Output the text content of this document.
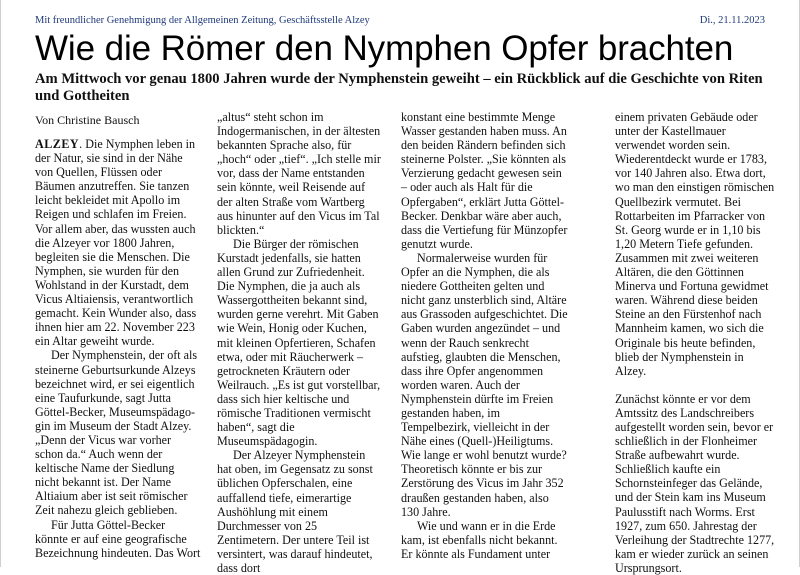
Mit freundlicher Genehmigung der Allgemeinen Zeitung, Geschäftsstelle Alzey	Di., 21.11.2023
Wie die Römer den Nymphen Opfer brachten

Am Mittwoch vor genau 1800 Jahren wurde der Nymphenstein geweiht – ein Rückblick auf die Geschichte von Riten und Gottheiten

Von Christine Bausch

ALZEY. Die Nymphen leben in der Natur, sie sind in der Nähe von Quellen, Flüssen oder Bäumen anzutreffen. Sie tanzen leicht bekleidet mit Apollo im Reigen und schlafen im Freien. Vor allem aber, das wussten auch die Alzeyer vor 1800 Jahren, begleiten sie die Menschen. Die Nymphen, sie wurden für den Wohlstand in der Kurstadt, dem Vicus Altiaiensis, verantwortlich gemacht. Kein Wunder also, dass ihnen hier am 22. November 223 ein Altar geweiht wurde.

Der Nymphenstein, der oft als steinerne Geburtsurkunde Alzeys bezeichnet wird, er sei eigentlich eine Taufurkunde, sagt Jutta Göttel-Becker, Museumspädago-gin im Museum der Stadt Alzey. „Denn der Vicus war vorher schon da.“ Auch wenn der keltische Name der Siedlung nicht bekannt ist. Der Name Altiaium aber ist seit römischer Zeit nahezu gleich geblieben.

Für Jutta Göttel-Becker könnte er auf eine geografische Bezeichnung hindeuten. Das Wort

„altus“ steht schon im Indogermanischen, in der ältesten bekannten Sprache also, für „hoch“ oder „tief“. „Ich stelle mir vor, dass der Name entstanden sein könnte, weil Reisende auf der alten Straße vom Wartberg aus hinunter auf den Vicus im Tal blickten.“

Die Bürger der römischen Kurstadt jedenfalls, sie hatten allen Grund zur Zufriedenheit. Die Nymphen, die ja auch als Wassergottheiten bekannt sind, wurden gerne verehrt. Mit Gaben wie Wein, Honig oder Kuchen, mit kleinen Opfertieren, Schafen etwa, oder mit Räucherwerk – getrockneten Kräutern oder Weilrauch. „Es ist gut vorstellbar, dass sich hier keltische und römische Traditionen vermischt haben“, sagt die Museumspädagogin.

Der Alzeyer Nymphenstein hat oben, im Gegensatz zu sonst üblichen Opferschalen, eine auffallend tiefe, eimerartige Aushöhlung mit einem Durchmesser von 25 Zentimetern. Der untere Teil ist versintert, was darauf hindeutet, dass dort

konstant eine bestimmte Menge Wasser gestanden haben muss. An den beiden Rändern befinden sich steinerne Polster. „Sie könnten als Verzierung gedacht gewesen sein – oder auch als Halt für die Opfergaben“, erklärt Jutta Göttel-Becker. Denkbar wäre aber auch, dass die Vertiefung für Münzopfer genutzt wurde.

Normalerweise wurden für Opfer an die Nymphen, die als niedere Gottheiten gelten und nicht ganz unsterblich sind, Altäre aus Grassoden aufgeschichtet. Die Gaben wurden angezündet – und wenn der Rauch senkrecht aufstieg, glaubten die Menschen, dass ihre Opfer angenommen worden waren. Auch der Nymphenstein dürfte im Freien gestanden haben, im Tempelbezirk, vielleicht in der Nähe eines (Quell-)Heiligtums. Wie lange er wohl benutzt wurde? Theoretisch könnte er bis zur Zerstörung des Vicus im Jahr 352 draußen gestanden haben, also 130 Jahre.

Wie und wann er in die Erde kam, ist ebenfalls nicht bekannt. Er könnte als Fundament unter

einem privaten Gebäude oder unter der Kastellmauer verwendet worden sein. Wiederentdeckt wurde er 1783, vor 140 Jahren also. Etwa dort, wo man den einstigen römischen Quellbezirk vermutet. Bei Rottarbeiten im Pfarracker von St. Georg wurde er in 1,10 bis 1,20 Metern Tiefe gefunden. Zusammen mit zwei weiteren Altären, die den Göttinnen Minerva und Fortuna gewidmet waren. Während diese beiden Steine an den Fürstenhof nach Mannheim kamen, wo sich die Originale bis heute befinden, blieb der Nymphenstein in Alzey.

Zunächst könnte er vor dem Amtssitz des Landschreibers aufgestellt worden sein, bevor er schließlich in der Flonheimer Straße aufbewahrt wurde. Schließlich kaufte ein Schornsteinfeger das Gelände, und der Stein kam ins Museum Paulusstift nach Worms. Erst 1927, zum 650. Jahrestag der Verleihung der Stadtrechte 1277, kam er wieder zurück an seinen Ursprungsort.
